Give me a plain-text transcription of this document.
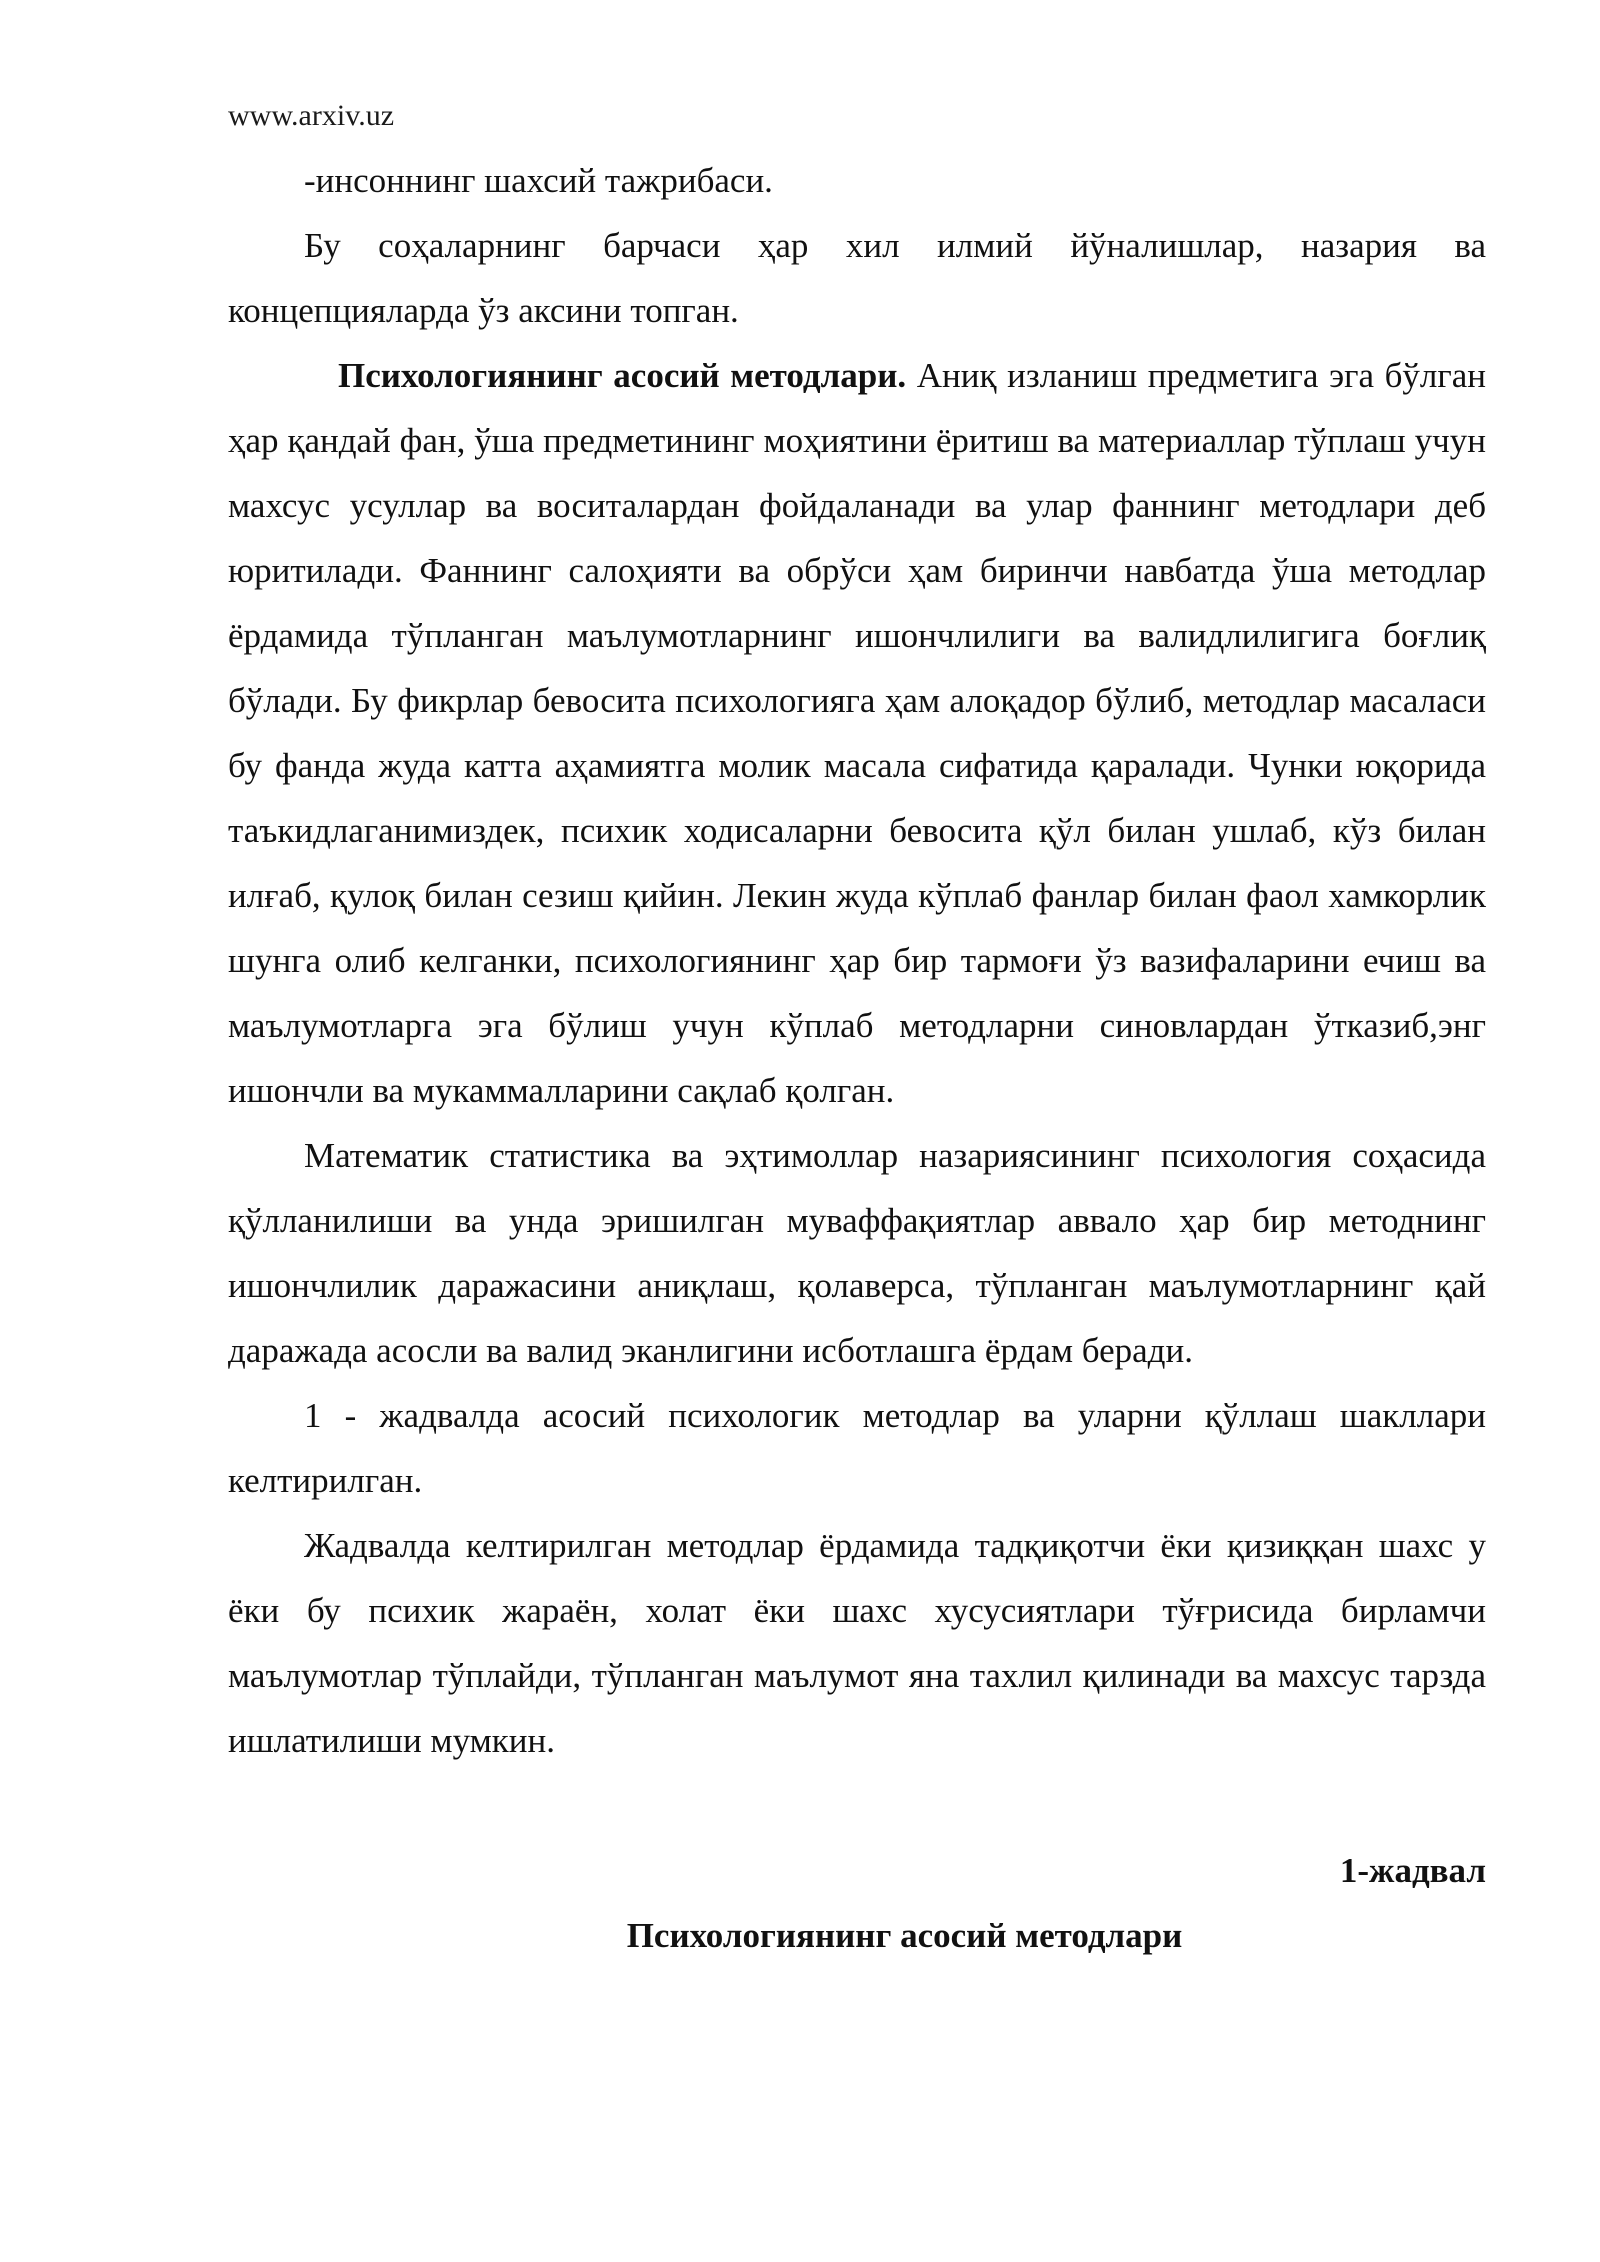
www.arxiv.uz

-инсоннинг шахсий тажрибаси.

Бу соҳаларнинг барчаси ҳар хил илмий йўналишлар, назария ва концепцияларда ўз аксини топган.

Психологиянинг асосий методлари. Аниқ изланиш предметига эга бўлган ҳар қандай фан, ўша предметининг моҳиятини ёритиш ва материаллар тўплаш учун махсус усуллар ва воситалардан фойдаланади ва улар фаннинг методлари деб юритилади. Фаннинг салоҳияти ва обрўси ҳам биринчи навбатда ўша методлар ёрдамида тўпланган маълумотларнинг ишончлилиги ва валидлилигига боғлиқ бўлади. Бу фикрлар бевосита психологияга ҳам алоқадор бўлиб, методлар масаласи бу фанда жуда катта аҳамиятга молик масала сифатида қаралади. Чунки юқорида таъкидлаганимиздек, психик ходисаларни бевосита қўл билан ушлаб, кўз билан илғаб, қулоқ билан сезиш қийин. Лекин жуда кўплаб фанлар билан фаол хамкорлик шунга олиб келганки, психологиянинг ҳар бир тармоғи ўз вазифаларини ечиш ва маълумотларга эга бўлиш учун кўплаб методларни синовлардан ўтказиб,энг ишончли ва мукаммалларини сақлаб қолган.

Математик статистика ва эҳтимоллар назариясининг психология соҳасида қўлланилиши ва унда эришилган муваффақиятлар аввало ҳар бир методнинг ишончлилик даражасини аниқлаш, қолаверса, тўпланган маълумотларнинг қай даражада асосли ва валид эканлигини исботлашга ёрдам беради.

1 - жадвалда асосий психологик методлар ва уларни қўллаш шакллари келтирилган.

Жадвалда келтирилган методлар ёрдамида тадқиқотчи ёки қизиққан шахс у ёки бу психик жараён, холат ёки шахс хусусиятлари тўғрисида бирламчи маълумотлар тўплайди, тўпланган маълумот яна тахлил қилинади ва махсус тарзда ишлатилиши мумкин.

1-жадвал
Психологиянинг асосий методлари
